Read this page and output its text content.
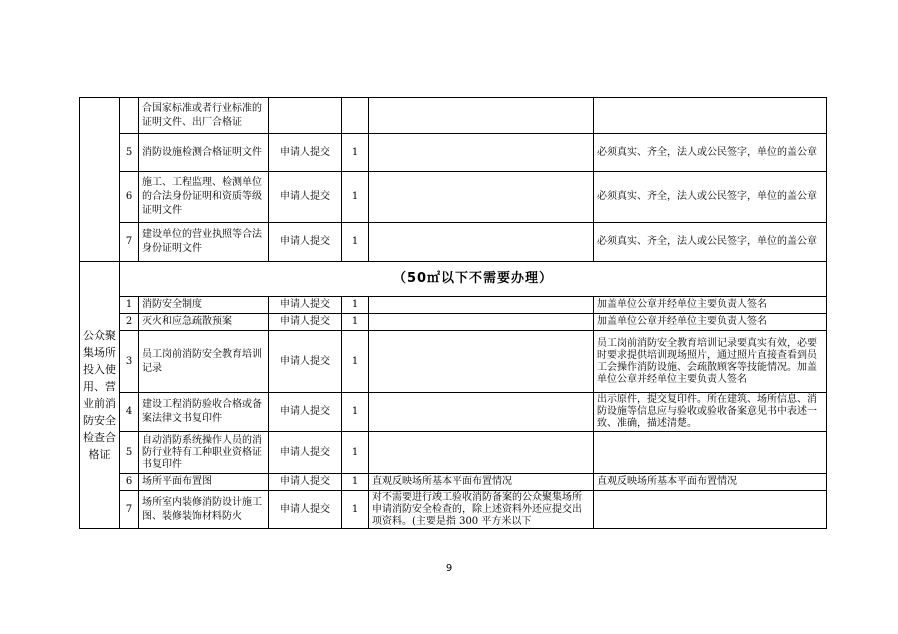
		合国家标准或者行业标准的证明文件、出厂合格证				
	5	消防设施检测合格证明文件	申请人提交	1		必须真实、齐全，法人或公民签字，单位的盖公章
	6	施工、工程监理、检测单位的合法身份证明和资质等级证明文件	申请人提交	1		必须真实、齐全，法人或公民签字，单位的盖公章
	7	建设单位的营业执照等合法身份证明文件	申请人提交	1		必须真实、齐全，法人或公民签字，单位的盖公章
公众聚集场所投入使用、营业前消防安全检查合格证	（50㎡以下不需要办理）					
	1	消防安全制度	申请人提交	1		加盖单位公章并经单位主要负责人签名
	2	灭火和应急疏散预案	申请人提交	1		加盖单位公章并经单位主要负责人签名
	3	员工岗前消防安全教育培训记录	申请人提交	1		员工岗前消防安全教育培训记录要真实有效，必要时要求提供培训现场照片，通过照片直接查看到员工会操作消防设施、会疏散顾客等技能情况。加盖单位公章并经单位主要负责人签名
	4	建设工程消防验收合格或备案法律文书复印件	申请人提交	1		出示原件，提交复印件。所在建筑、场所信息、消防设施等信息应与验收或验收备案意见书中表述一致、准确，描述清楚。
	5	自动消防系统操作人员的消防行业特有工种职业资格证书复印件	申请人提交	1		
	6	场所平面布置图	申请人提交	1	直观反映场所基本平面布置情况	直观反映场所基本平面布置情况
	7	场所室内装修消防设计施工图、装修装饰材料防火	申请人提交	1	对不需要进行竣工验收消防备案的公众聚集场所申请消防安全检查的，除上述资料外还应提交出项资料。(主要是指 300 平方米以下	
9
